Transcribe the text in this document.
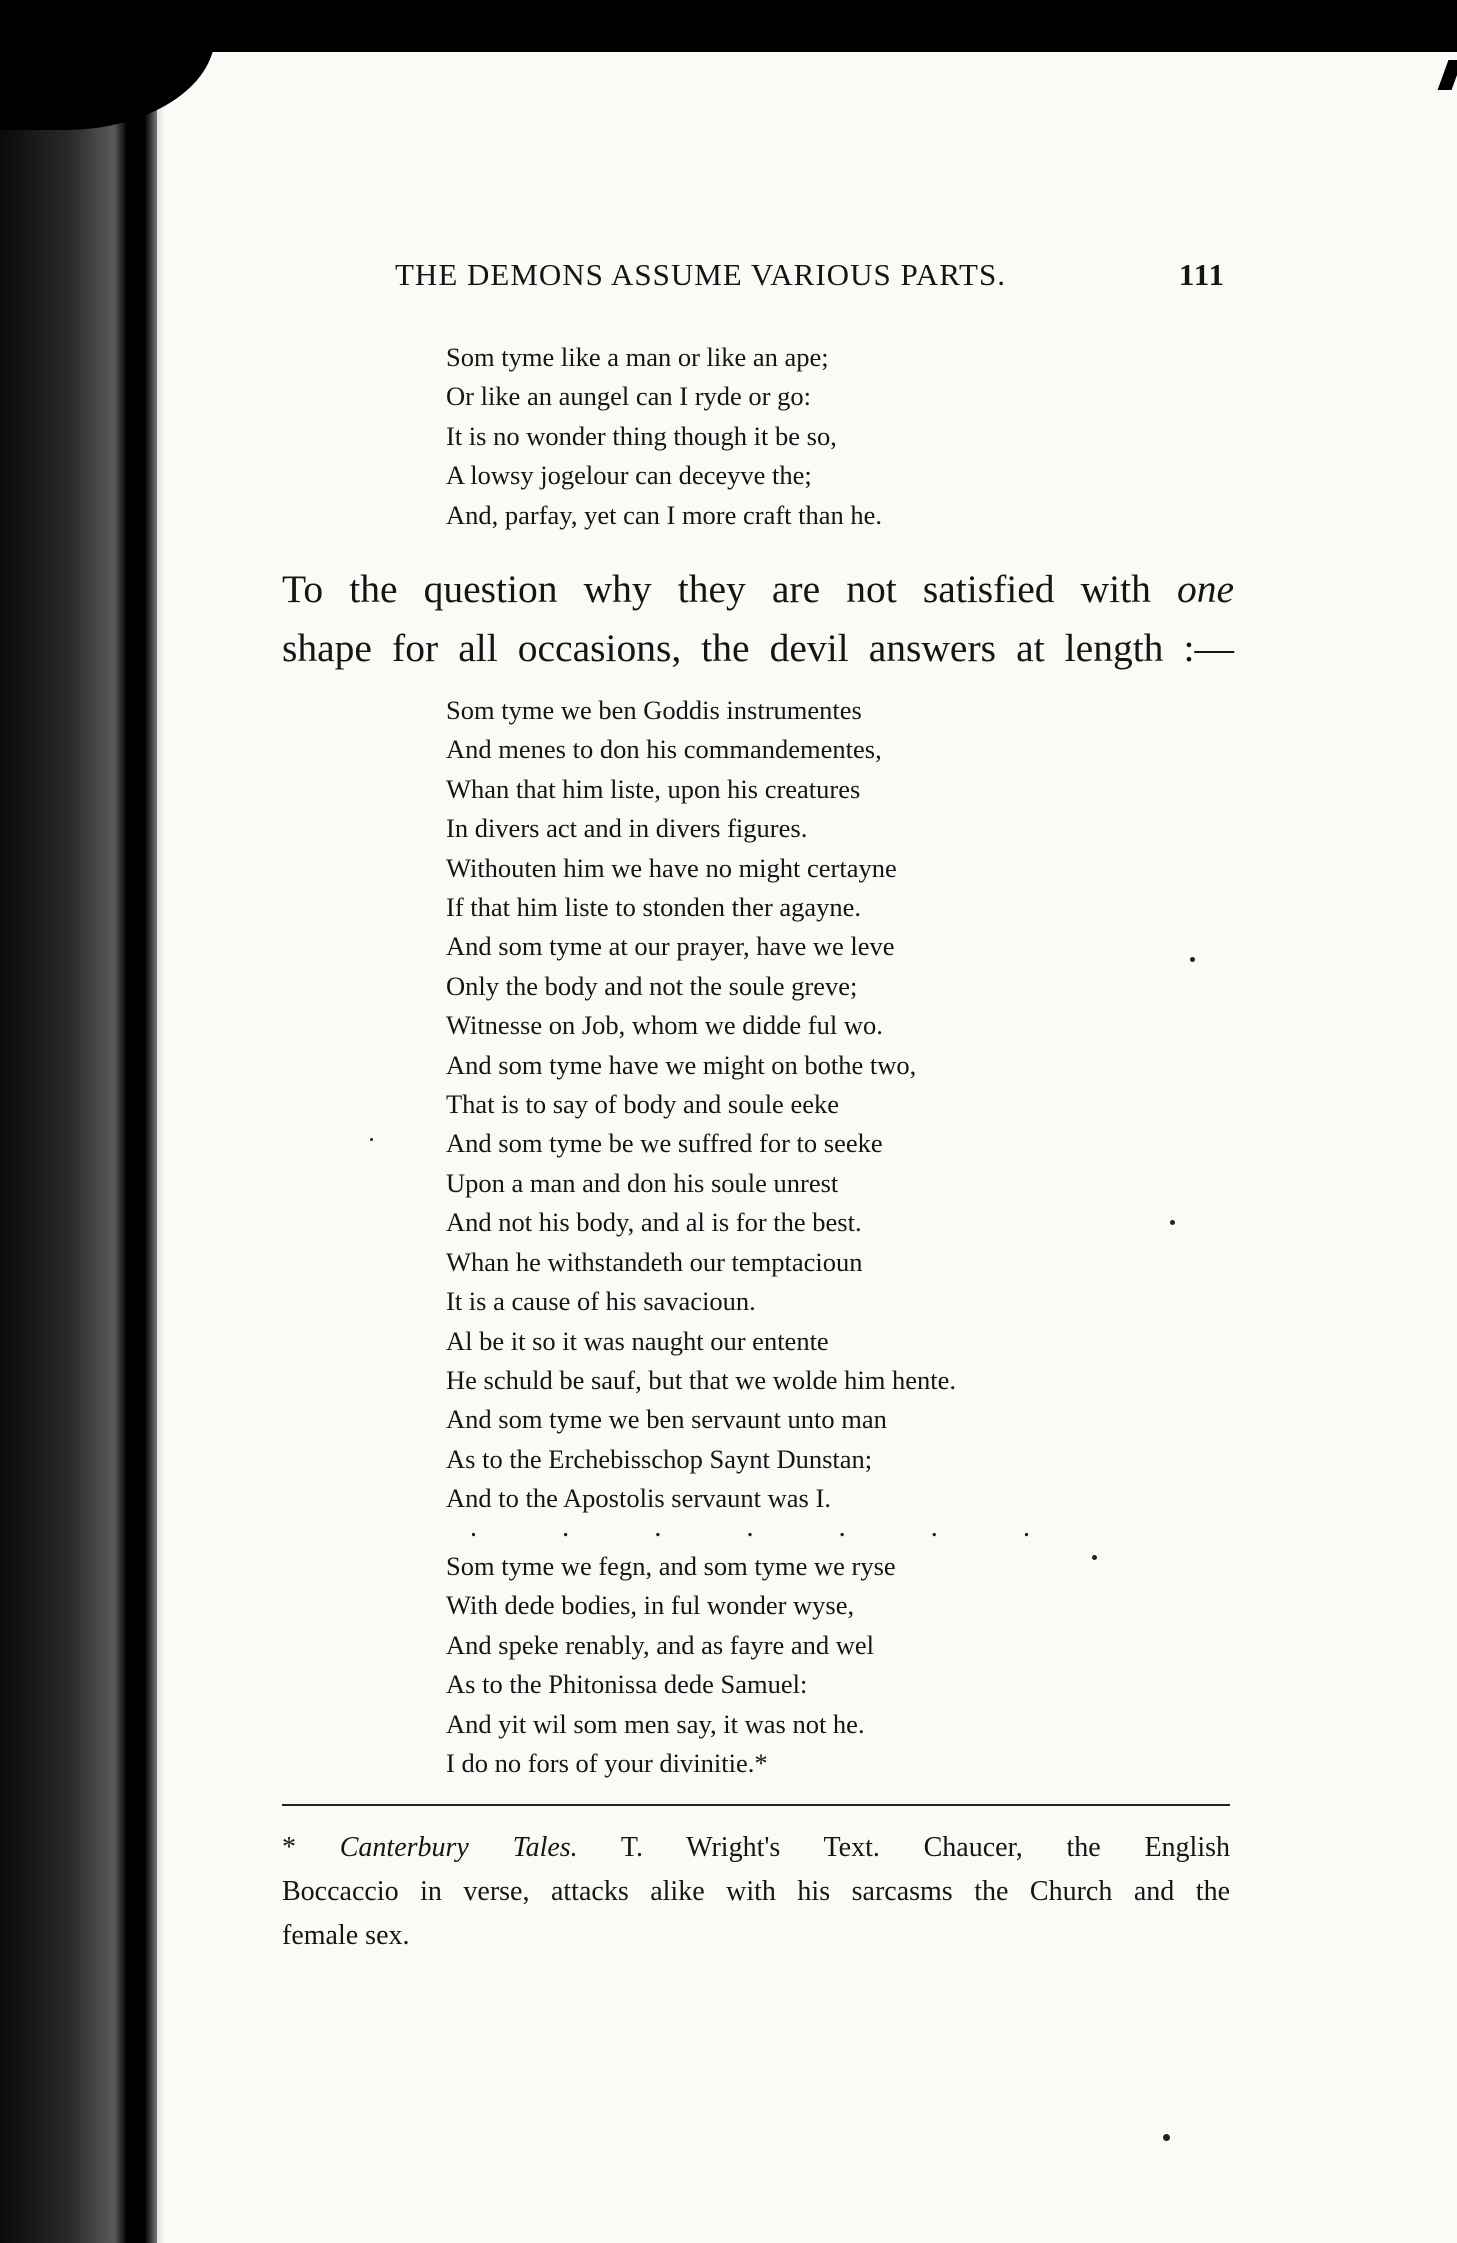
THE DEMONS ASSUME VARIOUS PARTS.	111
Som tyme like a man or like an ape;
Or like an aungel can I ryde or go:
It is no wonder thing though it be so,
A lowsy jogelour can deceyve the;
And, parfay, yet can I more craft than he.
To the question why they are not satisfied with one
shape for all occasions, the devil answers at length :—
Som tyme we ben Goddis instrumentes
And menes to don his commandementes,
Whan that him liste, upon his creatures
In divers act and in divers figures.
Withouten him we have no might certayne
If that him liste to stonden ther agayne.
And som tyme at our prayer, have we leve
Only the body and not the soule greve;
Witnesse on Job, whom we didde ful wo.
And som tyme have we might on bothe two,
That is to say of body and soule eeke
And som tyme be we suffred for to seeke
Upon a man and don his soule unrest
And not his body, and al is for the best.
Whan he withstandeth our temptacioun
It is a cause of his savacioun.
Al be it so it was naught our entente
He schuld be sauf, but that we wolde him hente.
And som tyme we ben servaunt unto man
As to the Erchebisschop Saynt Dunstan;
And to the Apostolis servaunt was I.
.	.	.	.	.	.	.
Som tyme we fegn, and som tyme we ryse
With dede bodies, in ful wonder wyse,
And speke renably, and as fayre and wel
As to the Phitonissa dede Samuel:
And yit wil som men say, it was not he.
I do no fors of your divinitie.*
* Canterbury Tales. T. Wright's Text. Chaucer, the English
Boccaccio in verse, attacks alike with his sarcasms the Church and the
female sex.
